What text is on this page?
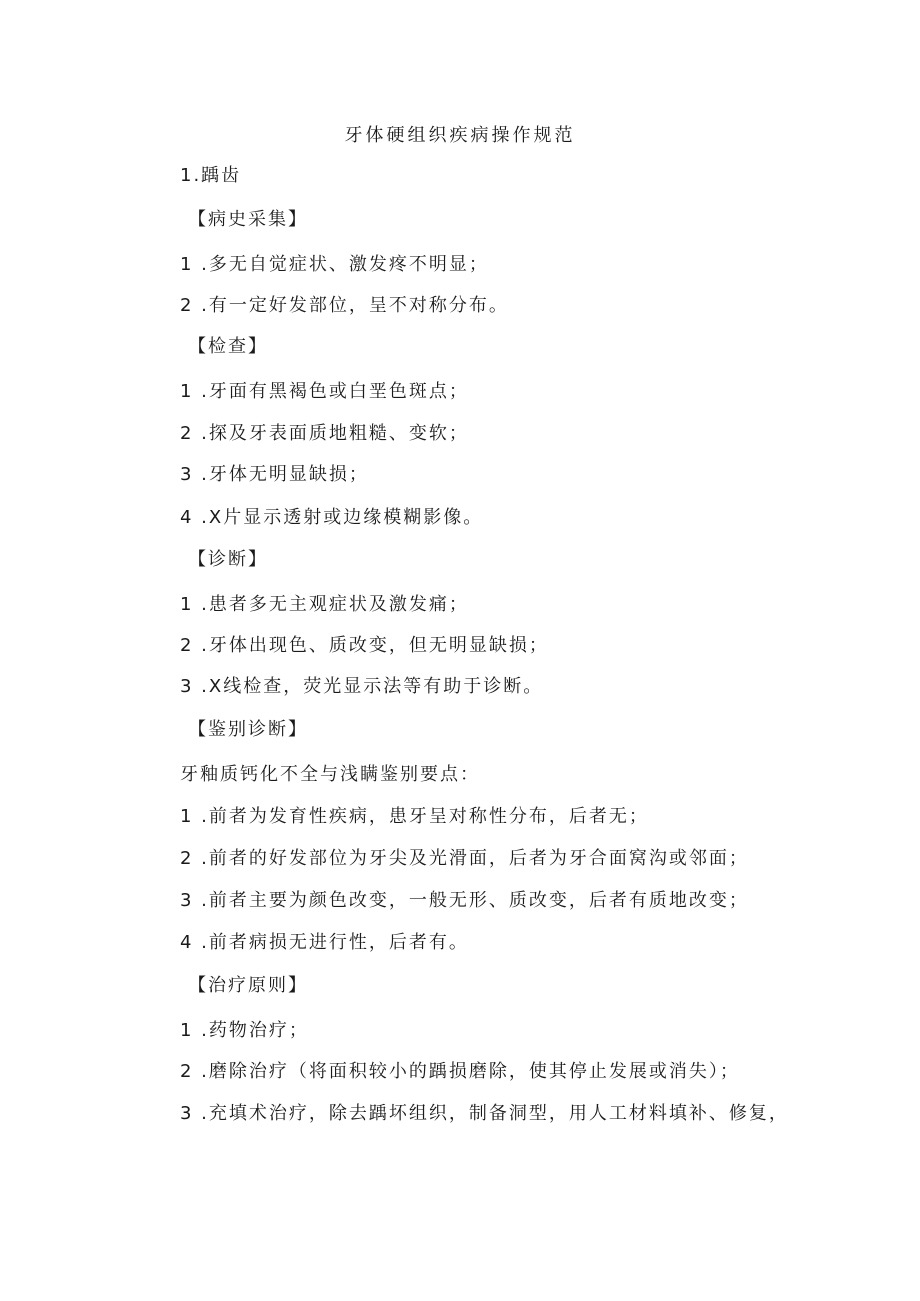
牙体硬组织疾病操作规范
1.踽齿
【病史采集】
1 .多无自觉症状、激发疼不明显；
2 .有一定好发部位，呈不对称分布。
【检查】
1 .牙面有黑褐色或白垩色斑点；
2 .探及牙表面质地粗糙、变软；
3 .牙体无明显缺损；
4 .X片显示透射或边缘模糊影像。
【诊断】
1 .患者多无主观症状及激发痛；
2 .牙体出现色、质改变，但无明显缺损；
3 .X线检查，荧光显示法等有助于诊断。
【鉴别诊断】
牙釉质钙化不全与浅瞒鉴别要点：
1 .前者为发育性疾病，患牙呈对称性分布，后者无；
2 .前者的好发部位为牙尖及光滑面，后者为牙合面窝沟或邻面；
3 .前者主要为颜色改变，一般无形、质改变，后者有质地改变；
4 .前者病损无进行性，后者有。
【治疗原则】
1 .药物治疗；
2 .磨除治疗（将面积较小的踽损磨除，使其停止发展或消失）；
3 .充填术治疗，除去踽坏组织，制备洞型，用人工材料填补、修复，
